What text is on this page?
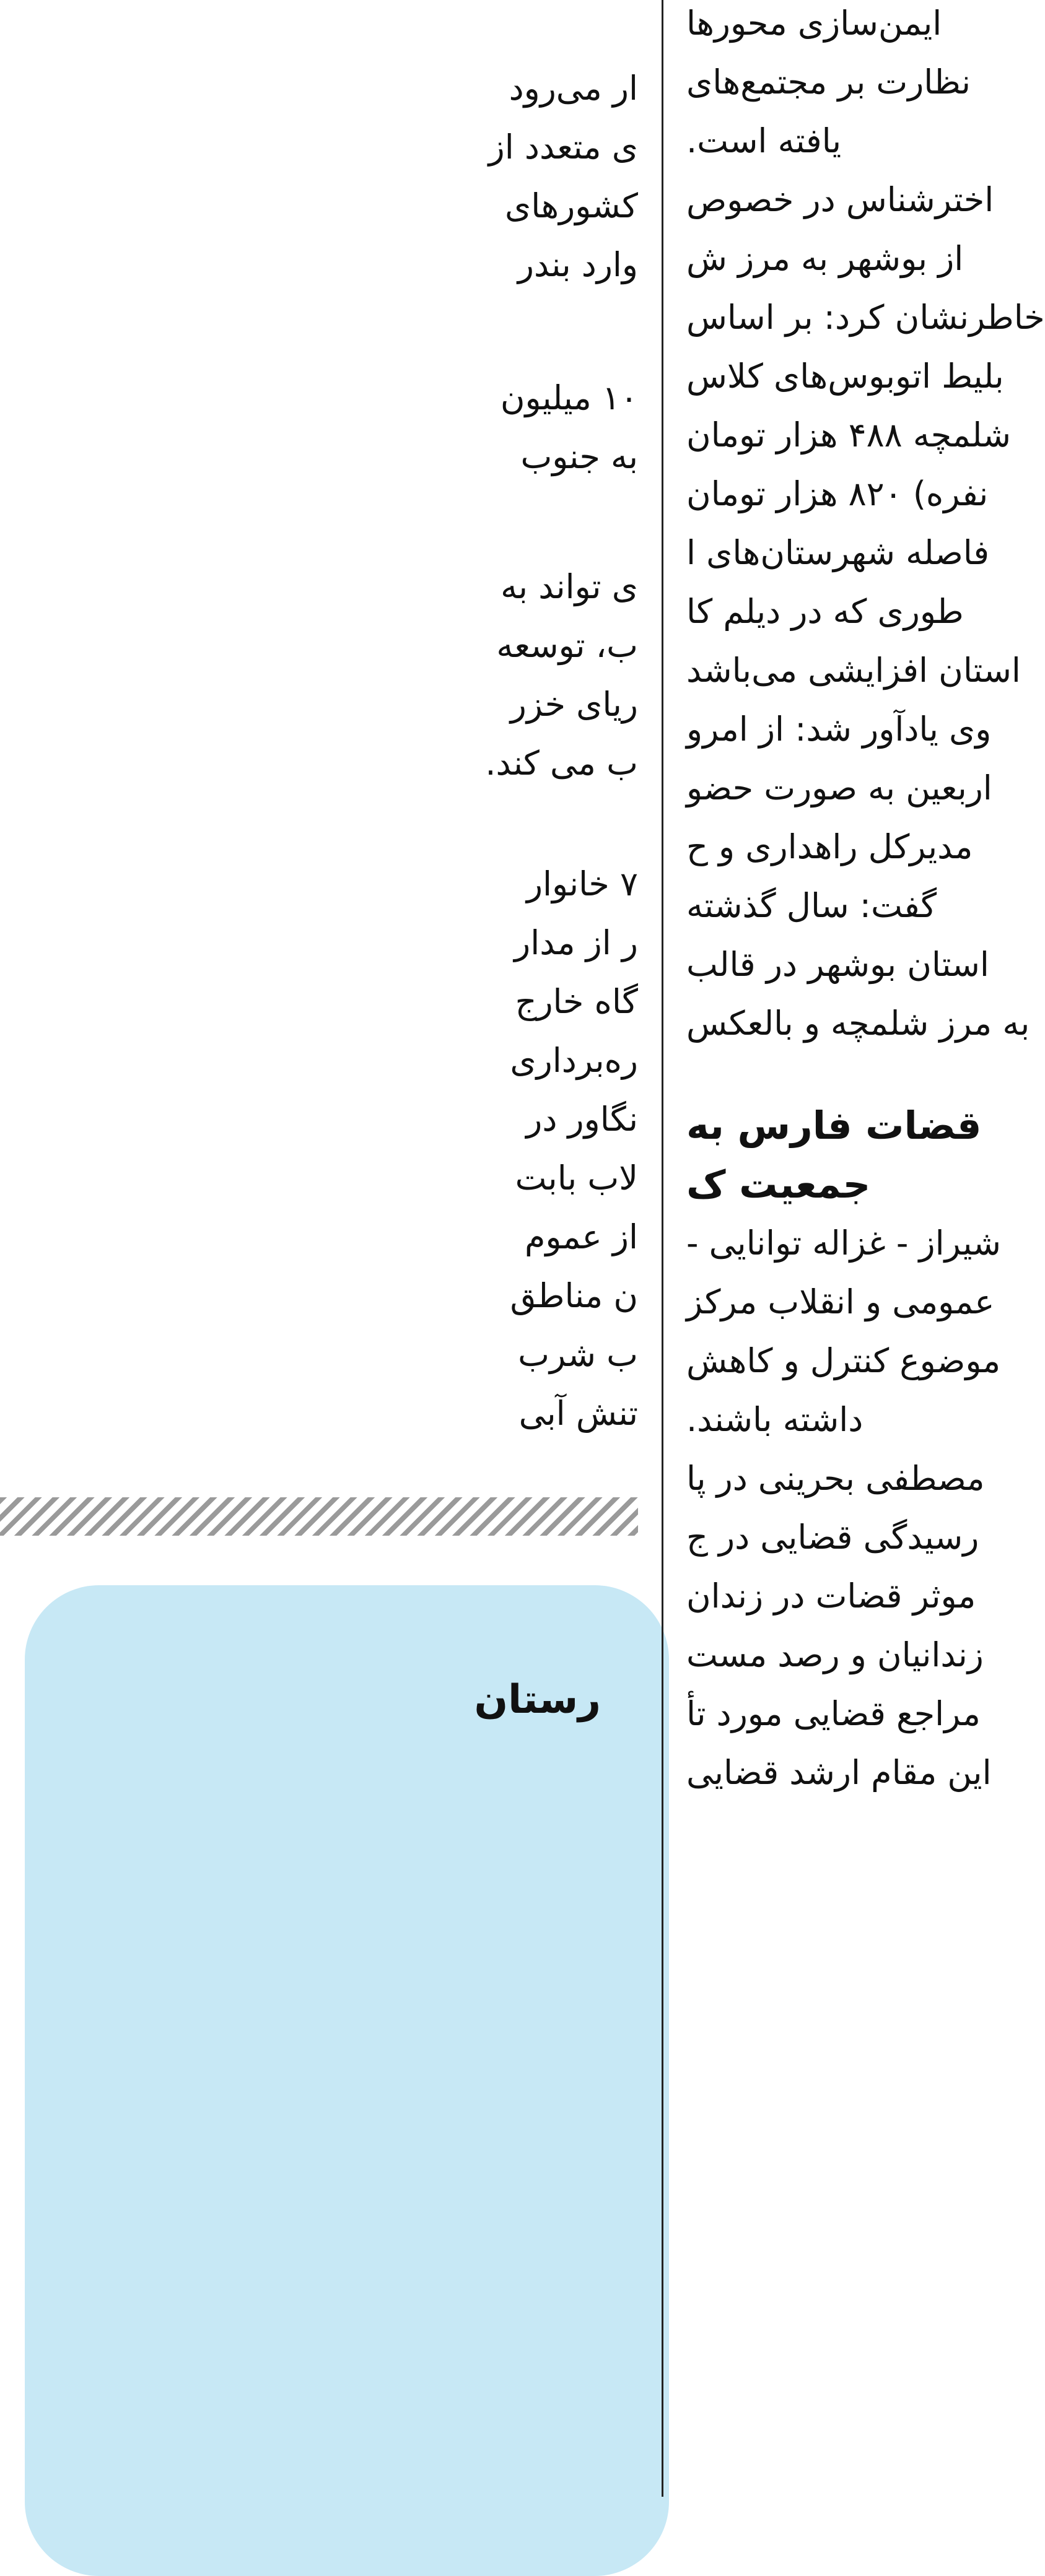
ار می‌رود

ی متعدد از

کشورهای

وارد بندر

۱۰ میلیون

به جنوب

ی تواند به

ب، توسعه

ریای خزر

ب می کند.

۷ خانوار

ر از مدار

گاه خارج

ره‌برداری

نگاور در

لاب بابت

از عموم

ن مناطق

ب شرب

تنش آبی

رستان

ایمن‌سازی محورها

نظارت بر مجتمع‌های

یافته است.

اخترشناس در خصوص

از بوشهر به مرز ش

خاطرنشان کرد: بر اساس

بلیط اتوبوس‌های کلاس

شلمچه ۴۸۸ هزار تومان

نفره) ۸۲۰ هزار تومان

فاصله شهرستان‌های ا

طوری که در دیلم کا

استان افزایشی می‌باشد

وی یادآور شد: از امرو

اربعین به صورت حضو

مدیرکل راهداری و ح

گفت: سال گذشته

استان بوشهر در قالب

به مرز شلمچه و بالعکس

قضات فارس به

جمعیت ک

شیراز - غزاله توانایی -

عمومی و انقلاب مرکز

موضوع کنترل و کاهش

داشته باشند.

مصطفی بحرینی در پا

رسیدگی قضایی در ج

موثر قضات در زندان

زندانیان و رصد مست

مراجع قضایی مورد تأ

این مقام ارشد قضایی
